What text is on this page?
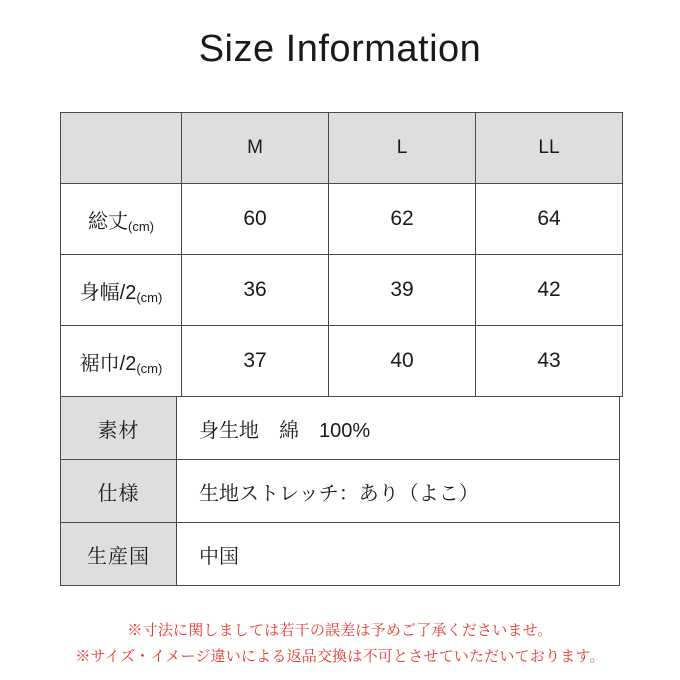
Size Information
	M	L	LL
総丈(cm)	60	62	64
身幅/2(cm)	36	39	42
裾巾/2(cm)	37	40	43
素材	身生地　綿　100%
仕様	生地ストレッチ：あり（よこ）
生産国	中国
※寸法に関しましては若干の誤差は予めご了承くださいませ。
※サイズ・イメージ違いによる返品交換は不可とさせていただいております。
